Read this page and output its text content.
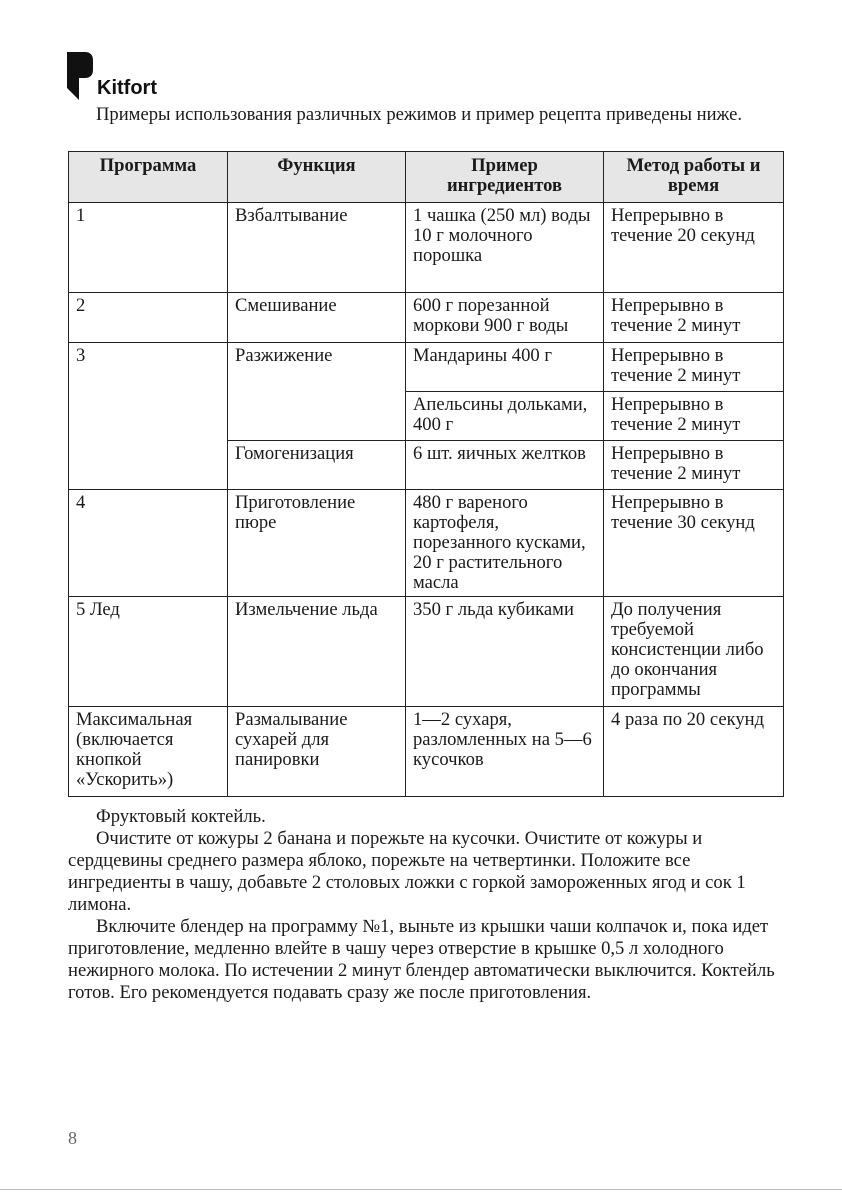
Kitfort

Примеры использования различных режимов и пример рецепта приведены ниже.

Программа	Функция	Пример ингредиентов	Метод работы и время
1	Взбалтывание	1 чашка (250 мл) воды 10 г молочного порошка	Непрерывно в течение 20 секунд
2	Смешивание	600 г порезанной моркови 900 г воды	Непрерывно в течение 2 минут
3	Разжижение	Мандарины 400 г	Непрерывно в течение 2 минут
		Апельсины дольками, 400 г	Непрерывно в течение 2 минут
	Гомогенизация	6 шт. яичных желтков	Непрерывно в течение 2 минут
4	Приготовление пюре	480 г вареного картофеля, порезанного кусками, 20 г растительного масла	Непрерывно в течение 30 секунд
5 Лед	Измельчение льда	350 г льда кубиками	До получения требуемой консистенции либо до окончания программы
Максимальная (включается кнопкой «Ускорить»)	Размалывание сухарей для панировки	1—2 сухаря, разломленных на 5—6 кусочков	4 раза по 20 секунд

Фруктовый коктейль.

Очистите от кожуры 2 банана и порежьте на кусочки. Очистите от кожуры и сердцевины среднего размера яблоко, порежьте на четвертинки. Положите все ингредиенты в чашу, добавьте 2 столовых ложки с горкой замороженных ягод и сок 1 лимона.

Включите блендер на программу №1, выньте из крышки чаши колпачок и, пока идет приготовление, медленно влейте в чашу через отверстие в крышке 0,5 л холодного нежирного молока. По истечении 2 минут блендер автоматически выключится. Коктейль готов. Его рекомендуется подавать сразу же после приготовления.

8
